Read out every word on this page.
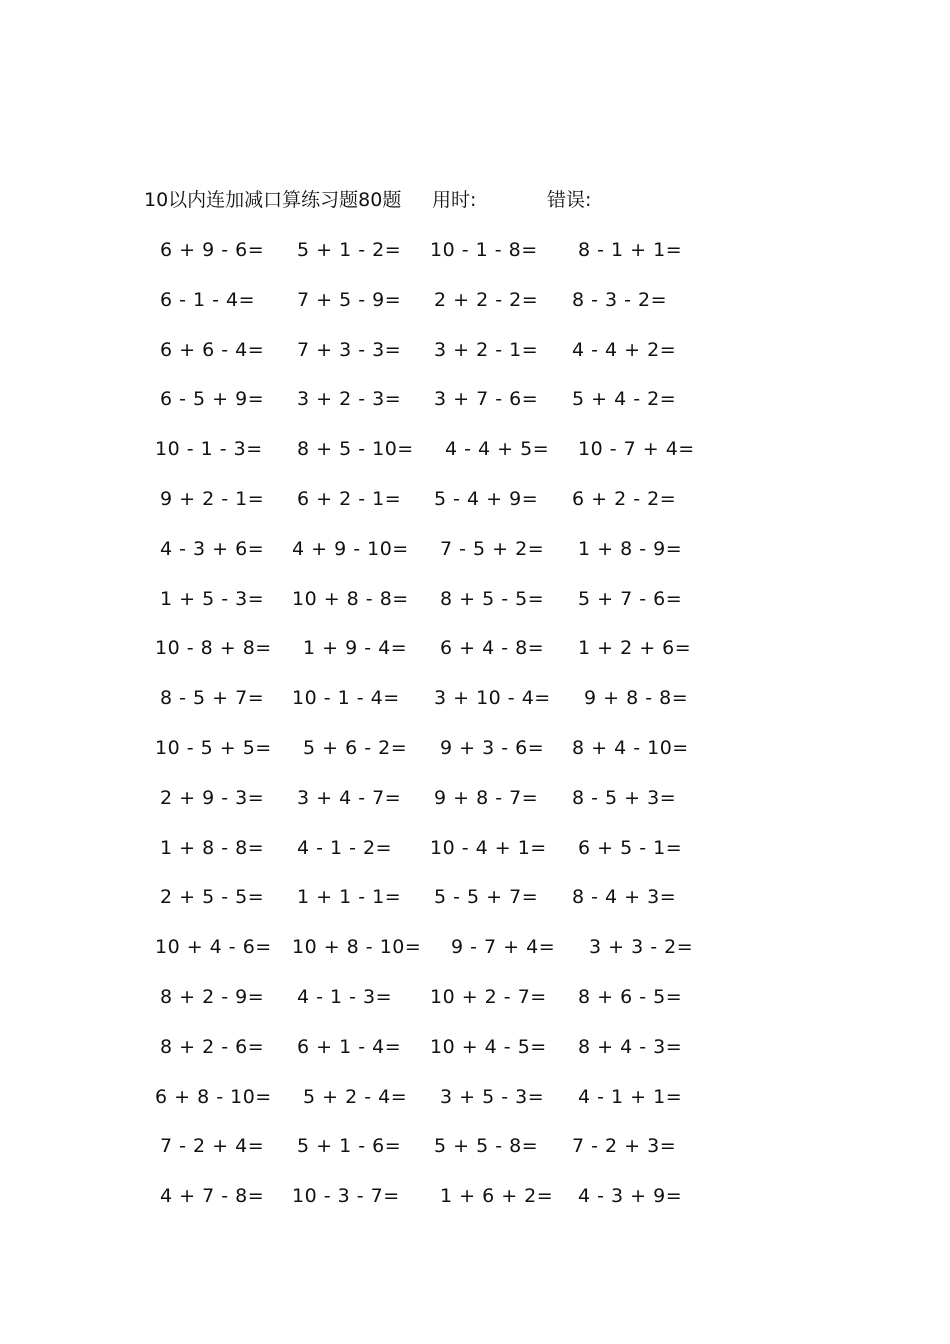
10以内连加减口算练习题80题 用时:	错误:
6 + 9 - 6= 5 + 1 - 2= 10 - 1 - 8= 8 - 1 + 1=
6 - 1 - 4= 7 + 5 - 9= 2 + 2 - 2= 8 - 3 - 2=
6 + 6 - 4= 7 + 3 - 3= 3 + 2 - 1= 4 - 4 + 2=
6 - 5 + 9= 3 + 2 - 3= 3 + 7 - 6= 5 + 4 - 2=
10 - 1 - 3= 8 + 5 - 10= 4 - 4 + 5= 10 - 7 + 4=
9 + 2 - 1= 6 + 2 - 1= 5 - 4 + 9= 6 + 2 - 2=
4 - 3 + 6= 4 + 9 - 10= 7 - 5 + 2= 1 + 8 - 9=
1 + 5 - 3= 10 + 8 - 8= 8 + 5 - 5= 5 + 7 - 6=
10 - 8 + 8= 1 + 9 - 4= 6 + 4 - 8= 1 + 2 + 6=
8 - 5 + 7= 10 - 1 - 4= 3 + 10 - 4= 9 + 8 - 8=
10 - 5 + 5= 5 + 6 - 2= 9 + 3 - 6= 8 + 4 - 10=
2 + 9 - 3= 3 + 4 - 7= 9 + 8 - 7= 8 - 5 + 3=
1 + 8 - 8= 4 - 1 - 2= 10 - 4 + 1= 6 + 5 - 1=
2 + 5 - 5= 1 + 1 - 1= 5 - 5 + 7= 8 - 4 + 3=
10 + 4 - 6= 10 + 8 - 10= 9 - 7 + 4= 3 + 3 - 2=
8 + 2 - 9= 4 - 1 - 3= 10 + 2 - 7= 8 + 6 - 5=
8 + 2 - 6= 6 + 1 - 4= 10 + 4 - 5= 8 + 4 - 3=
6 + 8 - 10= 5 + 2 - 4= 3 + 5 - 3= 4 - 1 + 1=
7 - 2 + 4= 5 + 1 - 6= 5 + 5 - 8= 7 - 2 + 3=
4 + 7 - 8= 10 - 3 - 7= 1 + 6 + 2= 4 - 3 + 9=
